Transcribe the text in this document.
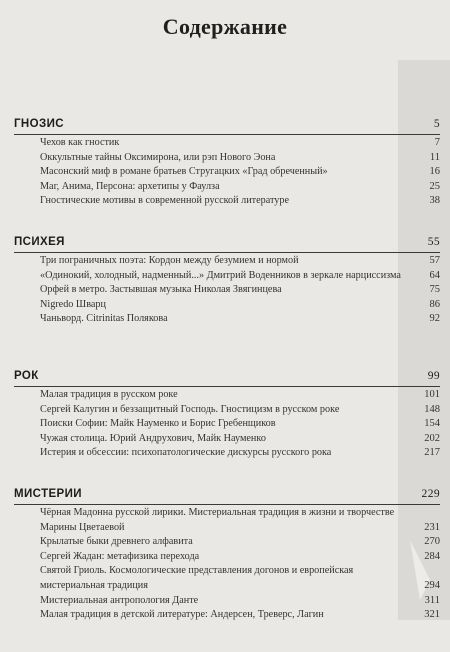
Содержание
ГНОЗИС	5
Чехов как гностик	7
Оккультные тайны Оксимирона, или рэп Нового Эона	11
Масонский миф в романе братьев Стругацких «Град обреченный»	16
Маг, Анима, Персона: архетипы у Фаулза	25
Гностические мотивы в современной русской литературе	38
ПСИХЕЯ	55
Три пограничных поэта: Кордон между безумием и нормой	57
«Одинокий, холодный, надменный...» Дмитрий Воденников в зеркале нарциссизма	64
Орфей в метро. Застывшая музыка Николая Звягинцева	75
Nigredo Шварц	86
Чаньворд. Citrinitas Полякова	92
РОК	99
Малая традиция в русском роке	101
Сергей Калугин и беззащитный Господь. Гностицизм в русском роке	148
Поиски Софии: Майк Науменко и Борис Гребенщиков	154
Чужая столица. Юрий Андрухович, Майк Науменко	202
Истерия и обсессии: психопатологические дискурсы русского рока	217
МИСТЕРИИ	229
Чёрная Мадонна русской лирики. Мистериальная традиция в жизни и творчестве Марины Цветаевой	231
Крылатые быки древнего алфавита	270
Сергей Жадан: метафизика перехода	284
Святой Гриоль. Космологические представления догонов и европейская мистериальная традиция	294
Мистериальная антропология Данте	311
Малая традиция в детской литературе: Андерсен, Треверс, Лагин	321
